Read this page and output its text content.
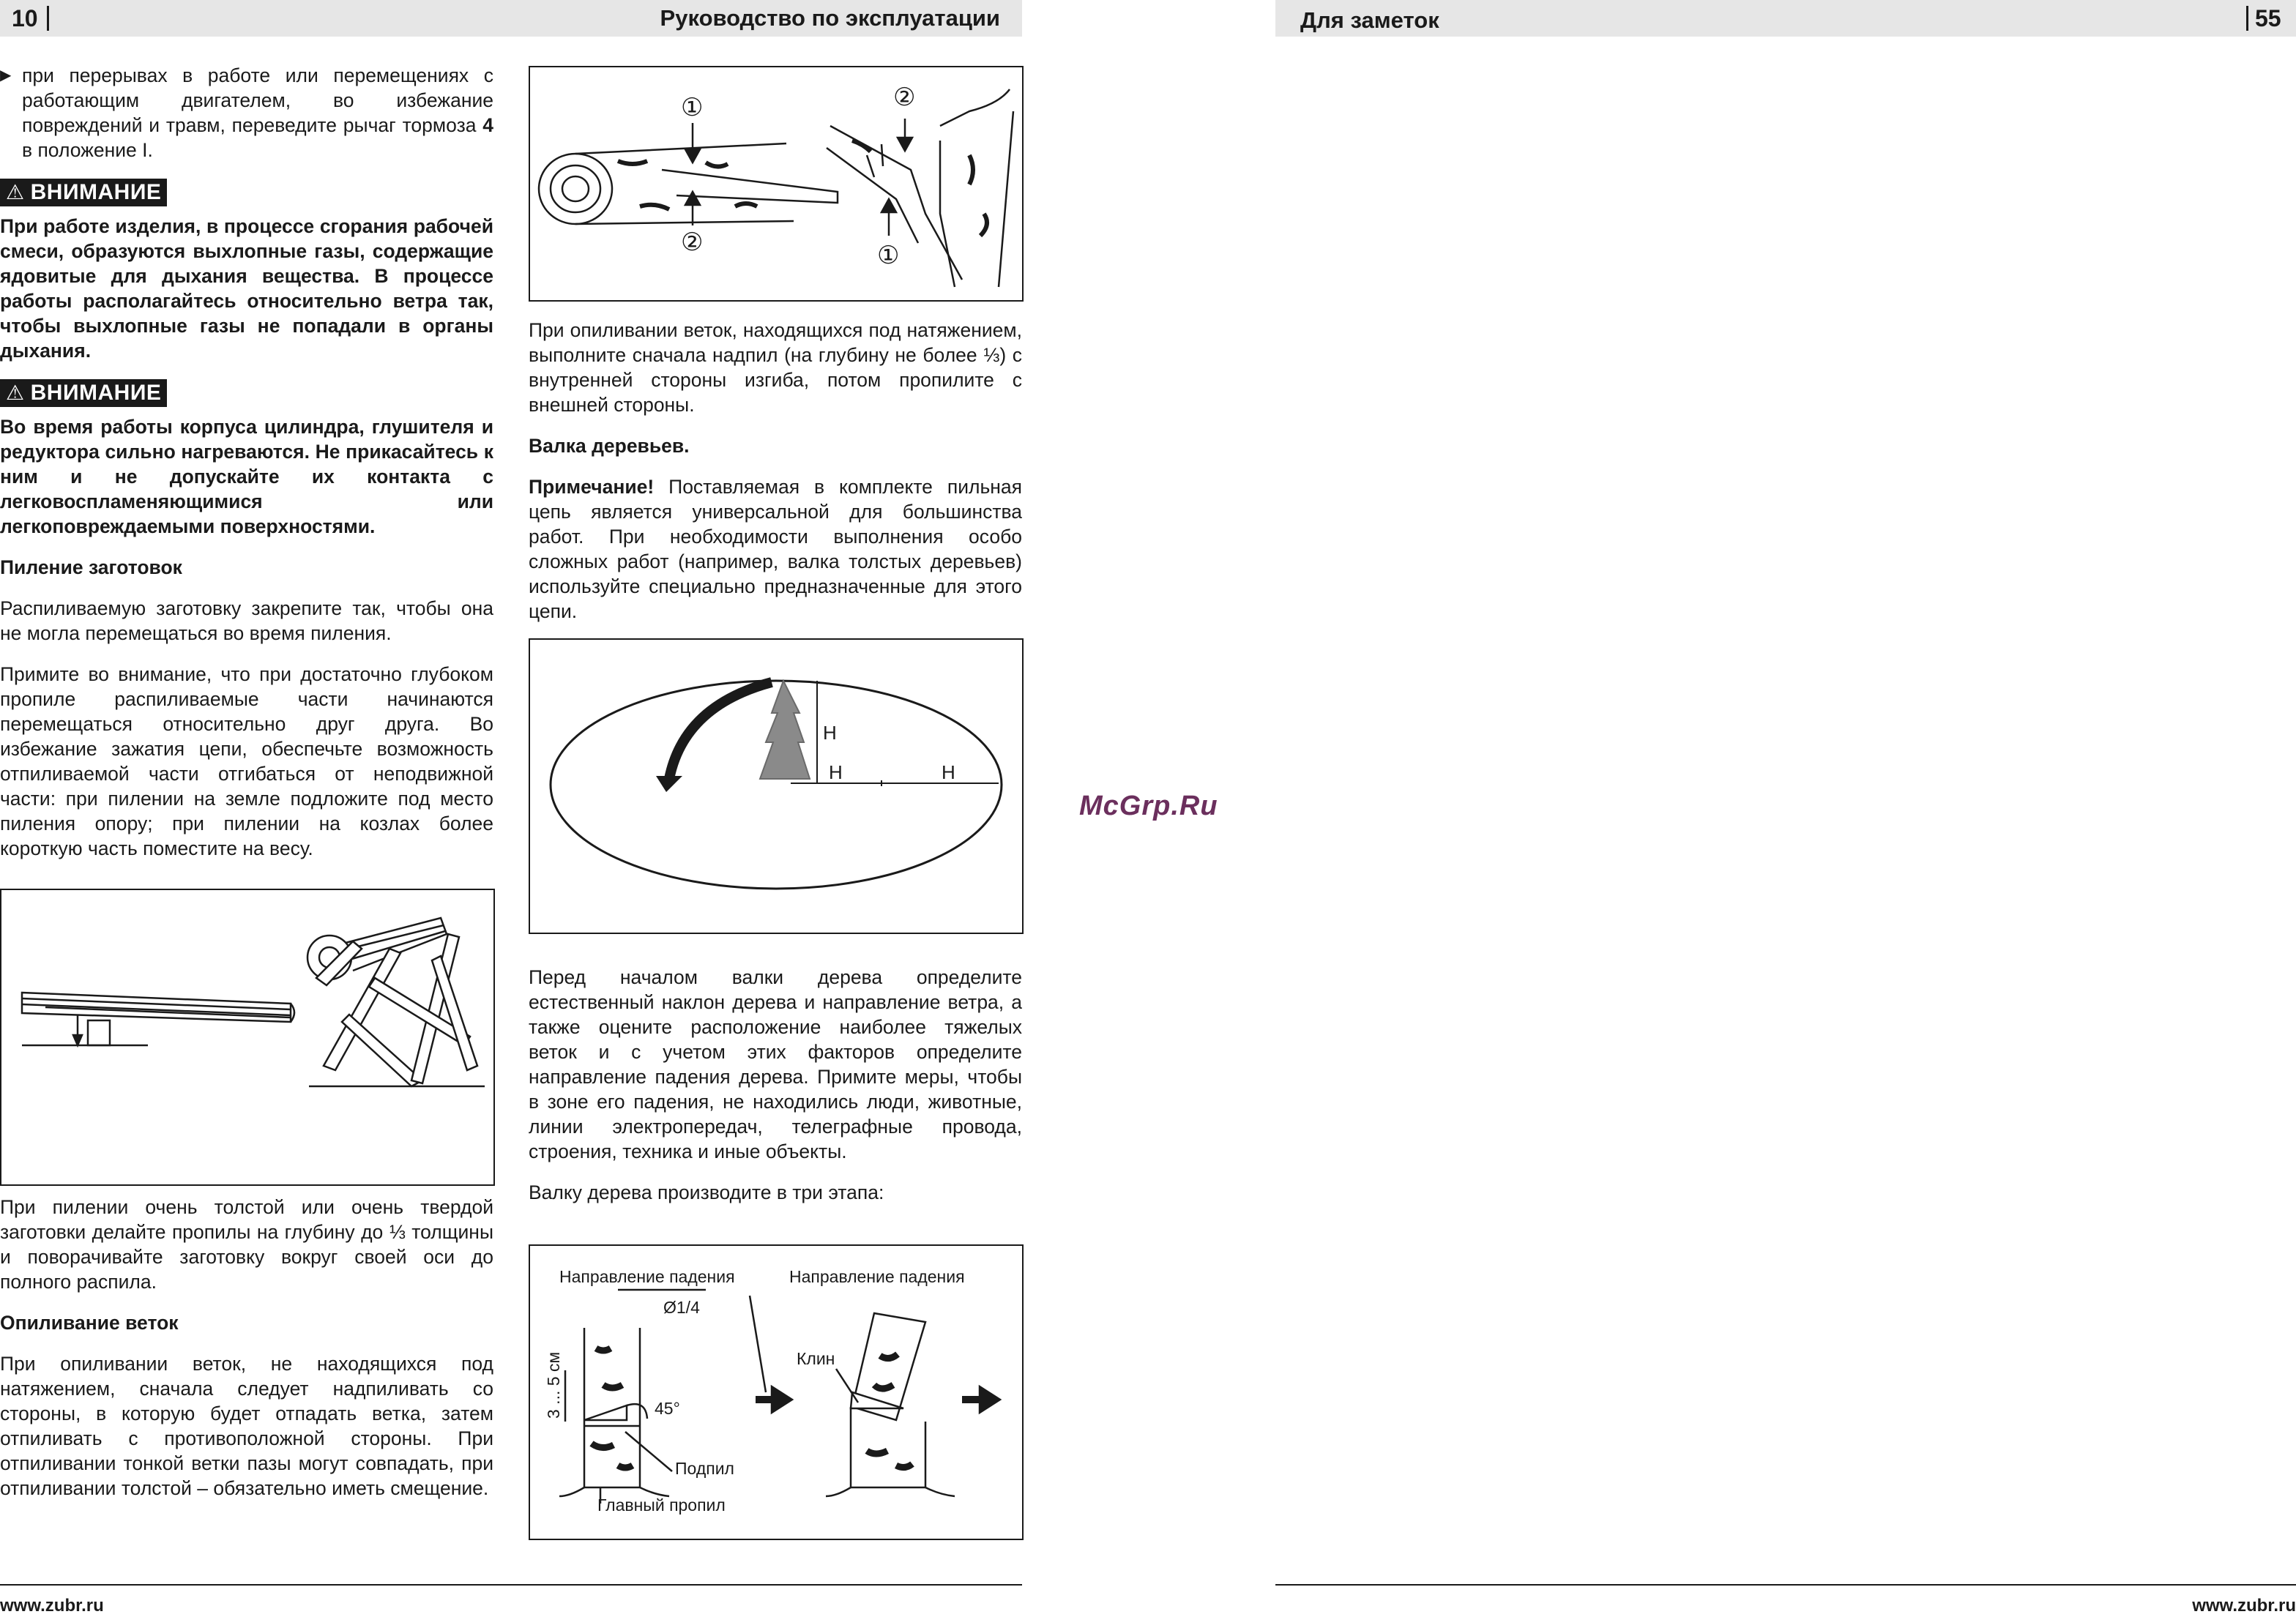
10	Руководство по эксплуатации	Для заметок	55
▶ при перерывах в работе или перемещениях с работающим двигателем, во избежание повреждений и травм, переведите рычаг тормоза 4 в положение I.

⚠ ВНИМАНИЕ

При работе изделия, в процессе сгорания рабочей смеси, образуются выхлопные газы, содержащие ядовитые для дыхания вещества. В процессе работы располагайтесь относительно ветра так, чтобы выхлопные газы не попадали в органы дыхания.

⚠ ВНИМАНИЕ

Во время работы корпуса цилиндра, глушителя и редуктора сильно нагреваются. Не прикасайтесь к ним и не допускайте их контакта с легковоспламеняющимися или легкоповреждаемыми поверхностями.

Пиление заготовок

Распиливаемую заготовку закрепите так, чтобы она не могла перемещаться во время пиления.

Примите во внимание, что при достаточно глубоком пропиле распиливаемые части начинаются перемещаться относительно друг друга. Во избежание зажатия цепи, обеспечьте возможность отпиливаемой части отгибаться от неподвижной части: при пилении на земле подложите под место пиления опору; при пилении на козлах более короткую часть поместите на весу.

При пилении очень толстой или очень твердой заготовки делайте пропилы на глубину до ⅓ толщины и поворачивайте заготовку вокруг своей оси до полного распила.

Опиливание веток

При опиливании веток, не находящихся под натяжением, сначала следует надпиливать со стороны, в которую будет отпадать ветка, затем отпиливать с противоположной стороны. При отпиливании тонкой ветки пазы могут совпадать, при отпиливании толстой – обязательно иметь смещение.

①
②
②
①

При опиливании веток, находящихся под натяжением, выполните сначала надпил (на глубину не более ⅓) с внутренней стороны изгиба, потом пропилите с внешней стороны.

Валка деревьев.

Примечание! Поставляемая в комплекте пильная цепь является универсальной для большинства работ. При необходимости выполнения особо сложных работ (например, валка толстых деревьев) используйте специально предназначенные для этого цепи.

H
H	H

Перед началом валки дерева определите естественный наклон дерева и направление ветра, а также оцените расположение наиболее тяжелых веток и с учетом этих факторов определите направление падения дерева. Примите меры, чтобы в зоне его падения, не находились люди, животные, линии электропередач, телеграфные провода, строения, техника и иные объекты.

Валку дерева производите в три этапа:

Направление падения	Направление падения
Ø1/4
45°
Подпил
Главный пропил
Клин
3 ... 5 см
McGrp.Ru
www.zubr.ru	www.zubr.ru
